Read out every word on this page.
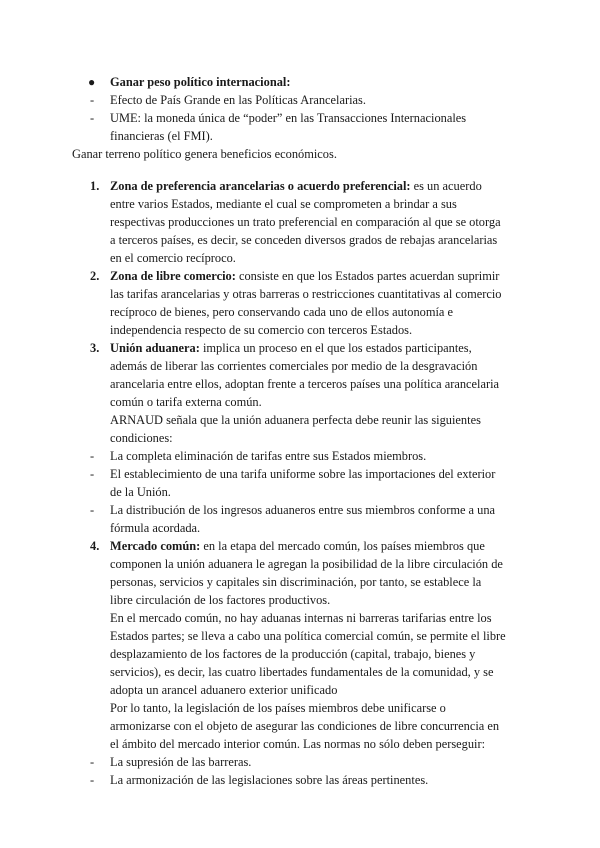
● Ganar peso político internacional:
- Efecto de País Grande en las Políticas Arancelarias.
- UME: la moneda única de “poder” en las Transacciones Internacionales
financieras (el FMI).
Ganar terreno político genera beneficios económicos.
1. Zona de preferencia arancelarias o acuerdo preferencial: es un acuerdo
entre varios Estados, mediante el cual se comprometen a brindar a sus
respectivas producciones un trato preferencial en comparación al que se otorga
a terceros países, es decir, se conceden diversos grados de rebajas arancelarias
en el comercio recíproco.
2. Zona de libre comercio: consiste en que los Estados partes acuerdan suprimir
las tarifas arancelarias y otras barreras o restricciones cuantitativas al comercio
recíproco de bienes, pero conservando cada uno de ellos autonomía e
independencia respecto de su comercio con terceros Estados.
3. Unión aduanera: implica un proceso en el que los estados participantes,
además de liberar las corrientes comerciales por medio de la desgravación
arancelaria entre ellos, adoptan frente a terceros países una política arancelaria
común o tarifa externa común.
ARNAUD señala que la unión aduanera perfecta debe reunir las siguientes
condiciones:
- La completa eliminación de tarifas entre sus Estados miembros.
- El establecimiento de una tarifa uniforme sobre las importaciones del exterior
de la Unión.
- La distribución de los ingresos aduaneros entre sus miembros conforme a una
fórmula acordada.
4. Mercado común: en la etapa del mercado común, los países miembros que
componen la unión aduanera le agregan la posibilidad de la libre circulación de
personas, servicios y capitales sin discriminación, por tanto, se establece la
libre circulación de los factores productivos.
En el mercado común, no hay aduanas internas ni barreras tarifarias entre los
Estados partes; se lleva a cabo una política comercial común, se permite el libre
desplazamiento de los factores de la producción (capital, trabajo, bienes y
servicios), es decir, las cuatro libertades fundamentales de la comunidad, y se
adopta un arancel aduanero exterior unificado
Por lo tanto, la legislación de los países miembros debe unificarse o
armonizarse con el objeto de asegurar las condiciones de libre concurrencia en
el ámbito del mercado interior común. Las normas no sólo deben perseguir:
- La supresión de las barreras.
- La armonización de las legislaciones sobre las áreas pertinentes.
